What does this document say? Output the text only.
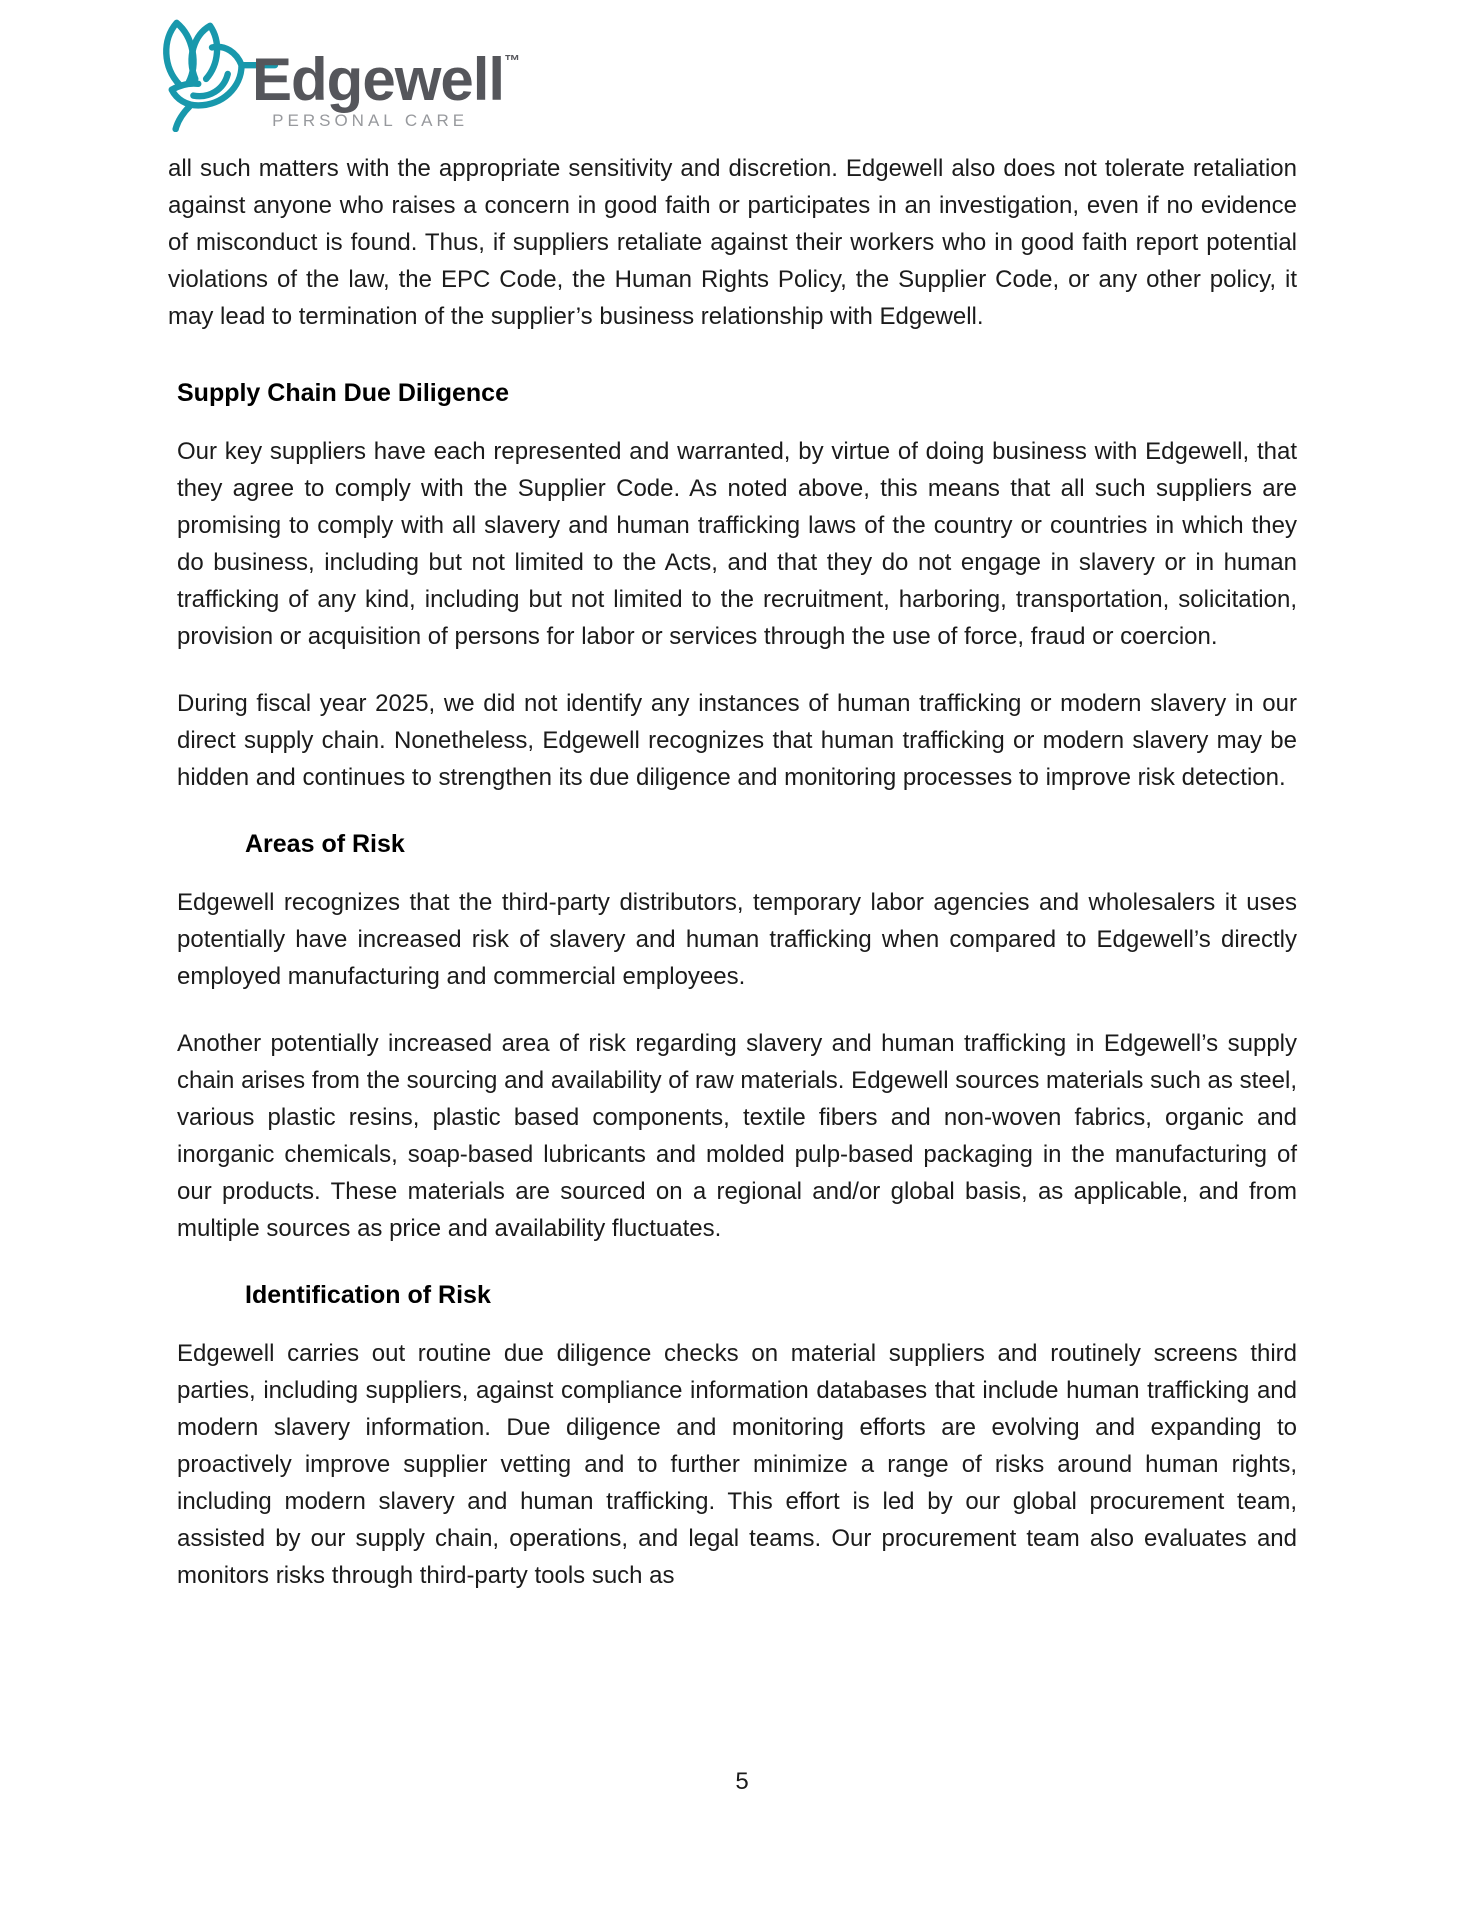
Edgewell™
PERSONAL CARE

all such matters with the appropriate sensitivity and discretion. Edgewell also does not tolerate retaliation against anyone who raises a concern in good faith or participates in an investigation, even if no evidence of misconduct is found. Thus, if suppliers retaliate against their workers who in good faith report potential violations of the law, the EPC Code, the Human Rights Policy, the Supplier Code, or any other policy, it may lead to termination of the supplier’s business relationship with Edgewell.

Supply Chain Due Diligence

Our key suppliers have each represented and warranted, by virtue of doing business with Edgewell, that they agree to comply with the Supplier Code. As noted above, this means that all such suppliers are promising to comply with all slavery and human trafficking laws of the country or countries in which they do business, including but not limited to the Acts, and that they do not engage in slavery or in human trafficking of any kind, including but not limited to the recruitment, harboring, transportation, solicitation, provision or acquisition of persons for labor or services through the use of force, fraud or coercion.

During fiscal year 2025, we did not identify any instances of human trafficking or modern slavery in our direct supply chain. Nonetheless, Edgewell recognizes that human trafficking or modern slavery may be hidden and continues to strengthen its due diligence and monitoring processes to improve risk detection.

Areas of Risk

Edgewell recognizes that the third-party distributors, temporary labor agencies and wholesalers it uses potentially have increased risk of slavery and human trafficking when compared to Edgewell’s directly employed manufacturing and commercial employees.

Another potentially increased area of risk regarding slavery and human trafficking in Edgewell’s supply chain arises from the sourcing and availability of raw materials. Edgewell sources materials such as steel, various plastic resins, plastic based components, textile fibers and non-woven fabrics, organic and inorganic chemicals, soap-based lubricants and molded pulp-based packaging in the manufacturing of our products. These materials are sourced on a regional and/or global basis, as applicable, and from multiple sources as price and availability fluctuates.

Identification of Risk

Edgewell carries out routine due diligence checks on material suppliers and routinely screens third parties, including suppliers, against compliance information databases that include human trafficking and modern slavery information. Due diligence and monitoring efforts are evolving and expanding to proactively improve supplier vetting and to further minimize a range of risks around human rights, including modern slavery and human trafficking. This effort is led by our global procurement team, assisted by our supply chain, operations, and legal teams. Our procurement team also evaluates and monitors risks through third-party tools such as

5
